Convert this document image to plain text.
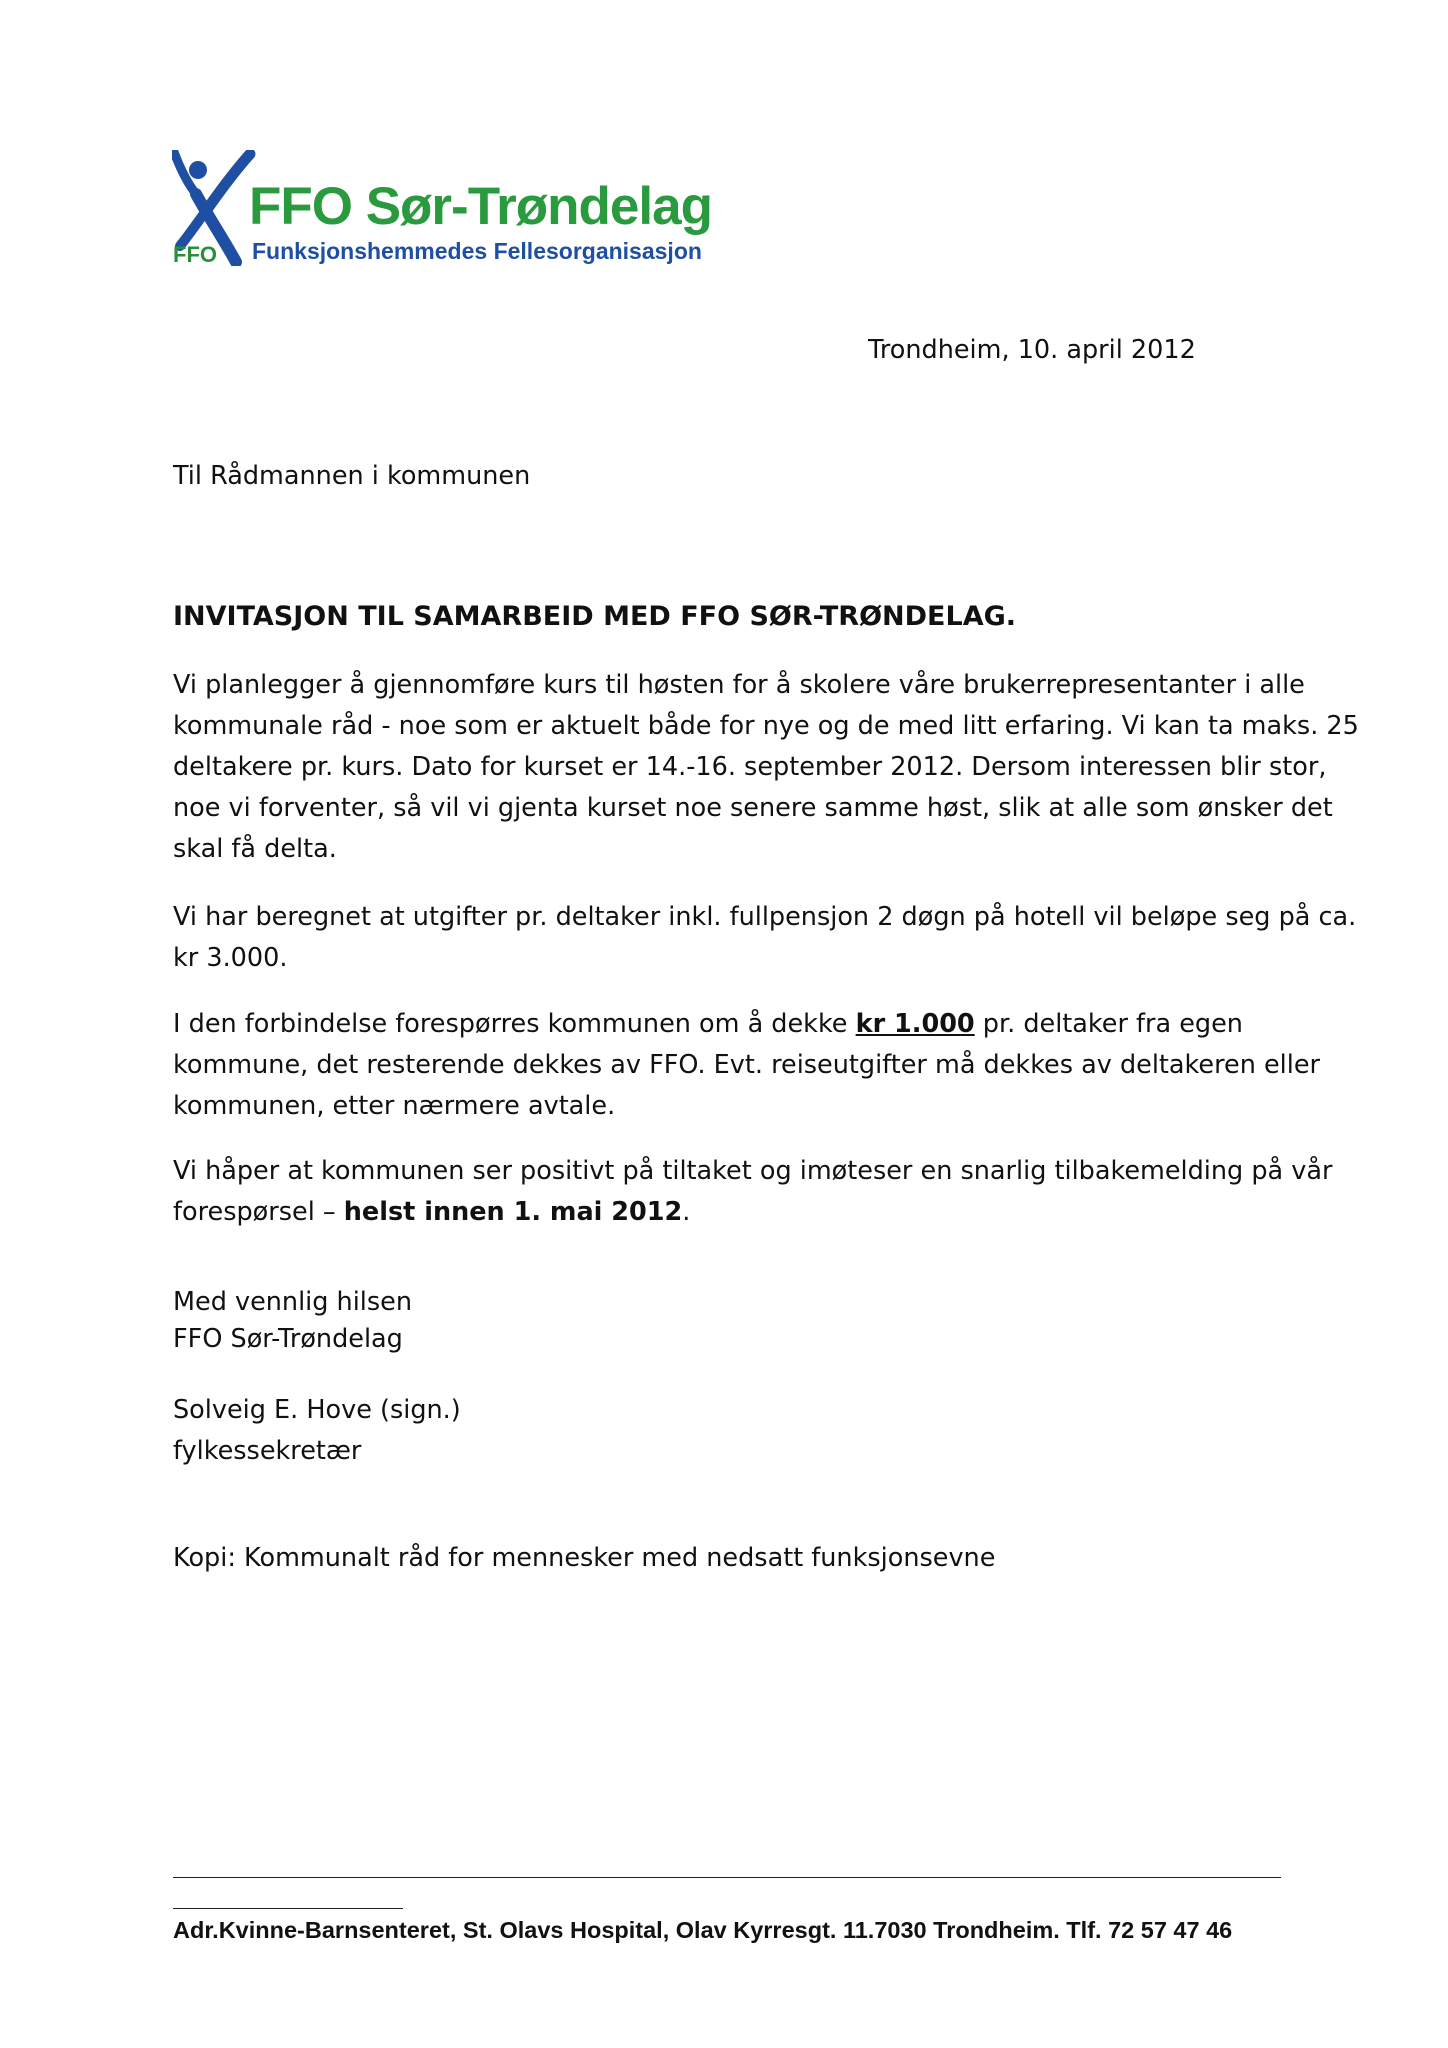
FFO
FFO Sør-Trøndelag
Funksjonshemmedes Fellesorganisasjon
Trondheim, 10. april 2012
Til Rådmannen i kommunen
INVITASJON TIL SAMARBEID MED FFO SØR-TRØNDELAG.
Vi planlegger å gjennomføre kurs til høsten for å skolere våre brukerrepresentanter i alle
kommunale råd - noe som er aktuelt både for nye og de med litt erfaring. Vi kan ta maks. 25
deltakere pr. kurs. Dato for kurset er 14.-16. september 2012. Dersom interessen blir stor,
noe vi forventer, så vil vi gjenta kurset noe senere samme høst, slik at alle som ønsker det
skal få delta.
Vi har beregnet at utgifter pr. deltaker inkl. fullpensjon 2 døgn på hotell vil beløpe seg på ca.
kr 3.000.
I den forbindelse forespørres kommunen om å dekke kr 1.000 pr. deltaker fra egen
kommune, det resterende dekkes av FFO. Evt. reiseutgifter må dekkes av deltakeren eller
kommunen, etter nærmere avtale.
Vi håper at kommunen ser positivt på tiltaket og imøteser en snarlig tilbakemelding på vår
forespørsel – helst innen 1. mai 2012.
Med vennlig hilsen
FFO Sør-Trøndelag
Solveig E. Hove (sign.)
fylkessekretær
Kopi: Kommunalt råd for mennesker med nedsatt funksjonsevne
Adr.Kvinne-Barnsenteret, St. Olavs Hospital, Olav Kyrresgt. 11.7030 Trondheim. Tlf. 72 57 47 46
